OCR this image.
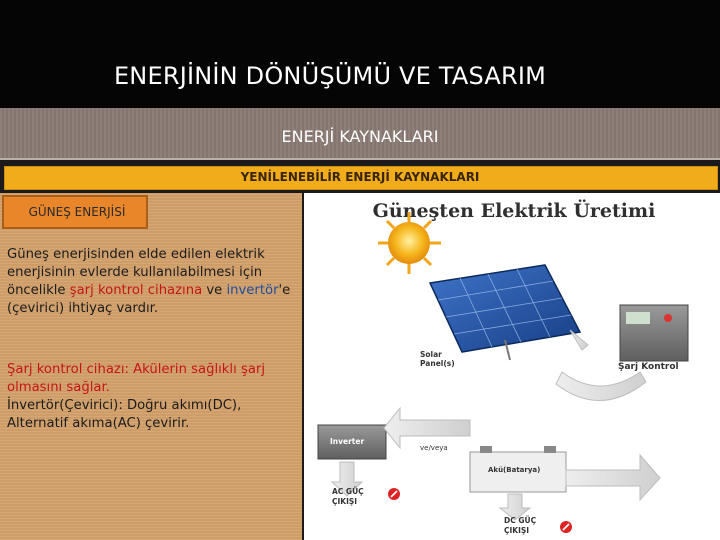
ENERJİNİN DÖNÜŞÜMÜ VE TASARIM
ENERJİ KAYNAKLARI
YENİLENEBİLİR ENERJİ KAYNAKLARI
GÜNEŞ ENERJİSİ
Güneş enerjisinden elde edilen elektrik enerjisinin evlerde kullanılabilmesi için öncelikle şarj kontrol cihazına ve invertör'e (çevirici) ihtiyaç vardır.
Şarj kontrol cihazı: Akülerin sağlıklı şarj olmasını sağlar.
İnvertör(Çevirici): Doğru akımı(DC), Alternatif akıma(AC) çevirir.
Güneşten Elektrik Üretimi
Solar Panel(s)	Şarj Kontrol
Inverter
ve/veya
Akü(Batarya)
AC GÜÇ
ÇIKIŞI
DC GÜÇ
ÇIKIŞI
